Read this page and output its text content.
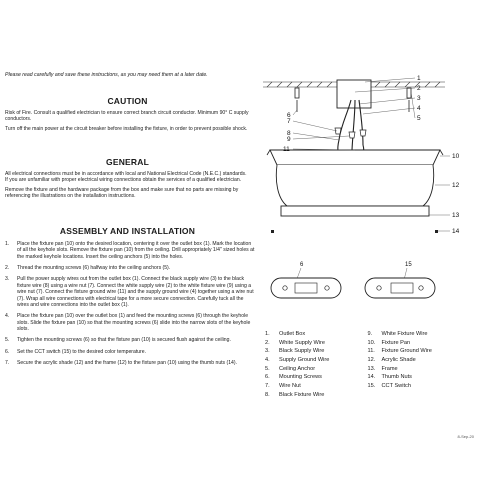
Please read carefully and save these instructions, as you may need them at a later date.
CAUTION

Risk of Fire. Consult a qualified electrician to ensure correct branch circuit conductor. Minimum 90° C supply conductors.

Turn off the main power at the circuit breaker before installing the fixture, in order to prevent possible shock.

GENERAL

All electrical connections must be in accordance with local and National Electrical Code (N.E.C.) standards. If you are unfamiliar with proper electrical wiring connections obtain the services of a qualified electrician.

Remove the fixture and the hardware package from the box and make sure that no parts are missing by referencing the illustrations on the installation instructions.

ASSEMBLY AND INSTALLATION
1.	Place the fixture pan (10) onto the desired location, centering it over the outlet box (1). Mark the location of all the keyhole slots. Remove the fixture pan (10) from the ceiling. Drill appropriately 1/4" sized holes at the marked keyhole locations. Insert the ceiling anchors (5) into the holes.
2.	Thread the mounting screws (6) halfway into the ceiling anchors (5).
3.	Pull the power supply wires out from the outlet box (1). Connect the black supply wire (3) to the black fixture wire (8) using a wire nut (7). Connect the white supply wire (2) to the white fixture wire (9) using a wire nut (7). Connect the fixture ground wire (11) and the supply ground wire (4) together using a wire nut (7). Wrap all wire connections with electrical tape for a more secure connection. Carefully tuck all the wires and wire connections into the outlet box (1).
4.	Place the fixture pan (10) over the outlet box (1) and feed the mounting screws (6) through the keyhole slots. Slide the fixture pan (10) so that the mounting screws (6) slide into the narrow slots of the keyhole slots.
5.	Tighten the mounting screws (6) so that the fixture pan (10) is secured flush against the ceiling.
6.	Set the CCT switch (15) to the desired color temperature.
7.	Secure the acrylic shade (12) and the frame (12) to the fixture pan (10) using the thumb nuts (14).
1
2
3
4
5
6
7
8
9
10
11
12
13
14
6	15
1.	Outlet Box
2.	White Supply Wire
3.	Black Supply Wire
4.	Supply Ground Wire
5.	Ceiling Anchor
6.	Mounting Screws
7.	Wire Nut
8.	Black Fixture Wire
9.	White Fixture Wire
10.	Fixture Pan
11.	Fixture Ground Wire
12.	Acrylic Shade
13.	Frame
14.	Thumb Nuts
15.	CCT Switch
8-Sep-20
